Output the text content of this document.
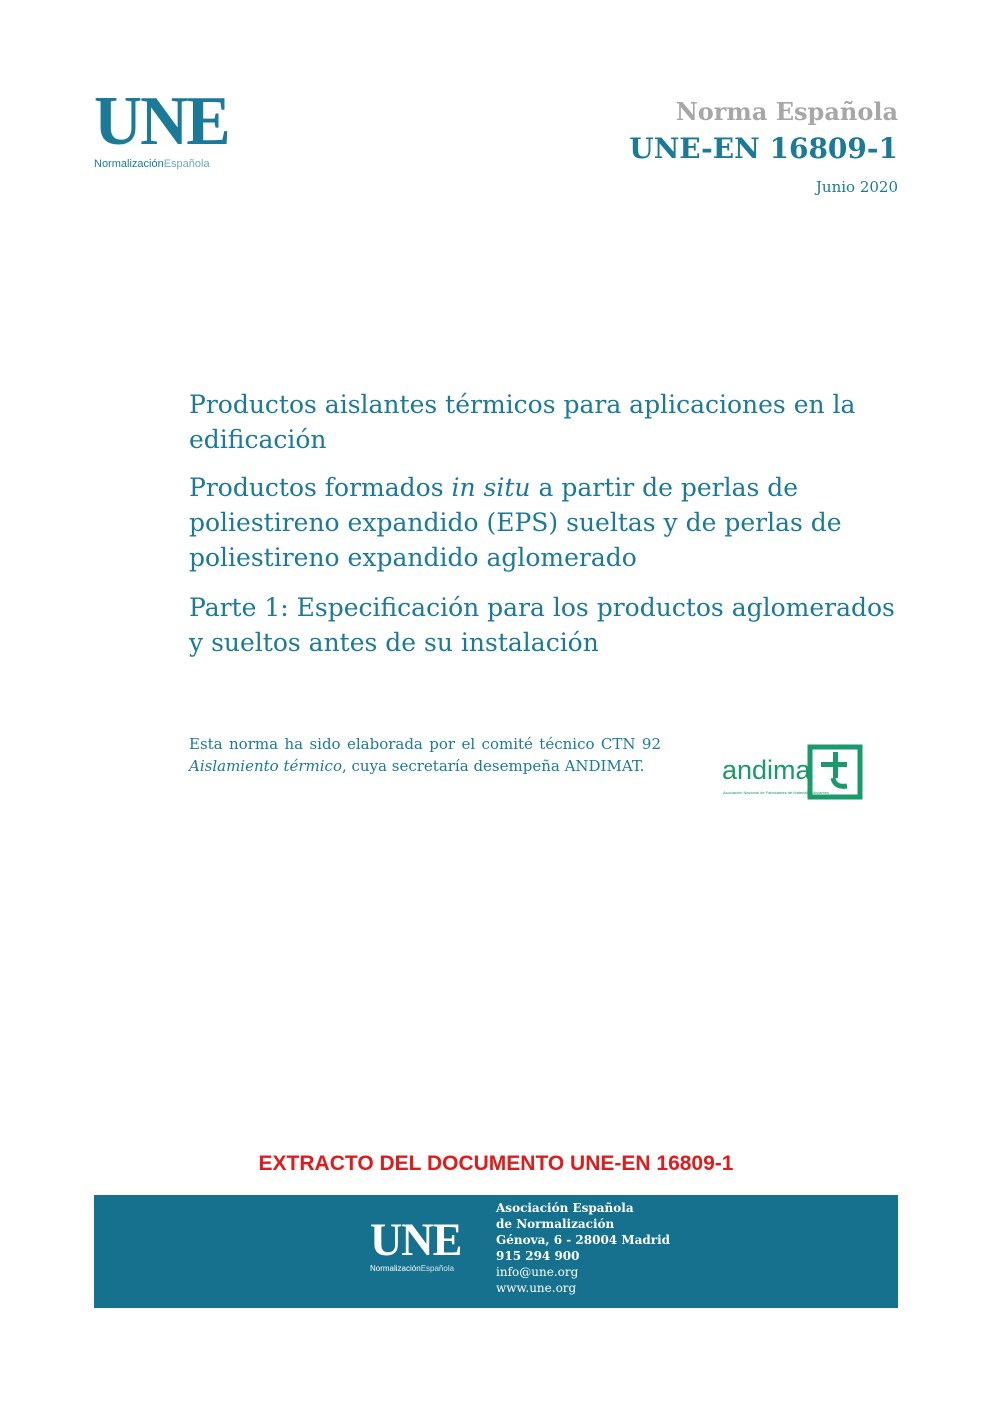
UNE
NormalizaciónEspañola
Norma Española
UNE-EN 16809-1
Junio 2020
Productos aislantes térmicos para aplicaciones en la edificación
Productos formados in situ a partir de perlas de poliestireno expandido (EPS) sueltas y de perlas de poliestireno expandido aglomerado
Parte 1: Especificación para los productos aglomerados y sueltos antes de su instalación
Esta norma ha sido elaborada por el comité técnico CTN 92 Aislamiento térmico, cuya secretaría desempeña ANDIMAT.	andima
Asociación Nacional de Fabricantes de Materiales Aislantes
EXTRACTO DEL DOCUMENTO UNE-EN 16809-1
UNE
NormalizaciónEspañola
Asociación Española
de Normalización
Génova, 6 - 28004 Madrid
915 294 900
info@une.org
www.une.org
